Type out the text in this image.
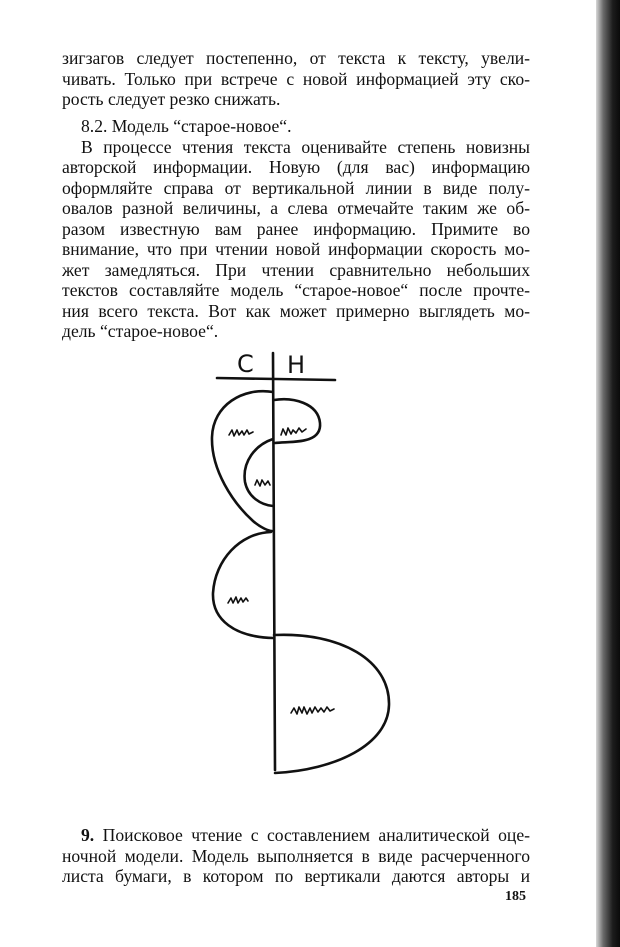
зигзагов следует постепенно, от текста к тексту, увели-

чивать. Только при встрече с новой информацией эту ско-

рость следует резко снижать.

8.2. Модель “старое-новое“.

В процессе чтения текста оценивайте степень новизны

авторской информации. Новую (для вас) информацию

оформляйте справа от вертикальной линии в виде полу-

овалов разной величины, а слева отмечайте таким же об-

разом известную вам ранее информацию. Примите во

внимание, что при чтении новой информации скорость мо-

жет замедляться. При чтении сравнительно небольших

текстов составляйте модель “старое-новое“ после прочте-

ния всего текста. Вот как может примерно выглядеть мо-

дель “старое-новое“.

С Н

9. Поисковое чтение с составлением аналитической оце-

ночной модели. Модель выполняется в виде расчерченного

листа бумаги, в котором по вертикали даются авторы и

185
